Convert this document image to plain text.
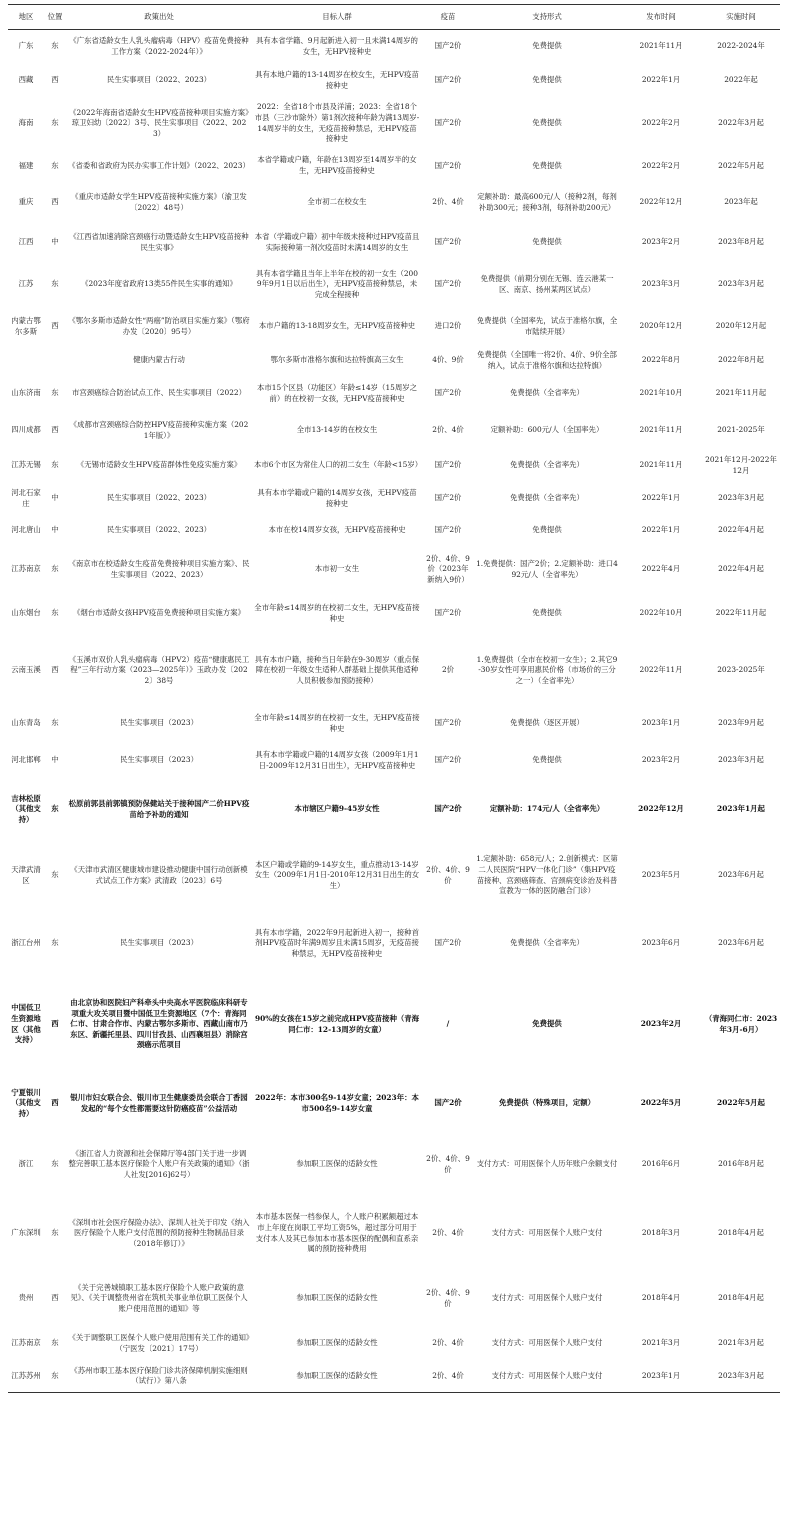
地区	位置	政策出处	目标人群	疫苗	支持形式	发布时间	实施时间
广东	东	《广东省适龄女生人乳头瘤病毒（HPV）疫苗免费接种工作方案（2022-2024年）》	具有本省学籍、9月起新进入初一且未满14周岁的女生，无HPV接种史	国产2价	免费提供	2021年11月	2022-2024年
西藏	西	民生实事项目（2022、2023）	具有本地户籍的13-14周岁在校女生，无HPV疫苗接种史	国产2价	免费提供	2022年1月	2022年起
海南	东	《2022年海南省适龄女生HPV疫苗接种项目实施方案》琼卫妇幼〔2022〕3号、民生实事项目（2022、2023）	2022：全省18个市县及洋浦；2023：全省18个市县（三沙市除外）第1剂次接种年龄为满13周岁-14周岁半的女生，无疫苗接种禁忌，无HPV疫苗接种史	国产2价	免费提供	2022年2月	2022年3月起
福建	东	《省委和省政府为民办实事工作计划》（2022、2023）	本省学籍或户籍，年龄在13周岁至14周岁半的女生，无HPV疫苗接种史	国产2价	免费提供	2022年2月	2022年5月起
重庆	西	《重庆市适龄女学生HPV疫苗接种实施方案》（渝卫发〔2022〕48号）	全市初二在校女生	2价、4价	定额补助：最高600元/人（接种2剂，每剂补助300元；接种3剂，每剂补助200元）	2022年12月	2023年起
江西	中	《江西省加速消除宫颈癌行动暨适龄女生HPV疫苗接种民生实事》	本省（学籍或户籍）初中年级未接种过HPV疫苗且实际接种第一剂次疫苗时未满14周岁的女生	国产2价	免费提供	2023年2月	2023年8月起
江苏	东	《2023年度省政府13类55件民生实事的通知》	具有本省学籍且当年上半年在校的初一女生（2009年9月1日以后出生），无HPV疫苗接种禁忌，未完成全程接种	国产2价	免费提供（前期分别在无锡、连云港某一区、南京、扬州某两区试点）	2023年3月	2023年3月起
内蒙古鄂尔多斯	西	《鄂尔多斯市适龄女性“两癌”防治项目实施方案》（鄂府办发〔2020〕95号）	本市户籍的13-18周岁女生，无HPV疫苗接种史	进口2价	免费提供（全国率先，试点于准格尔旗，全市陆续开展）	2020年12月	2020年12月起
		健康内蒙古行动	鄂尔多斯市准格尔旗和达拉特旗高三女生	4价、9价	免费提供（全国唯一将2价、4价、9价全部纳入，试点于准格尔旗和达拉特旗）	2022年8月	2022年8月起
山东济南	东	市宫颈癌综合防治试点工作、民生实事项目（2022）	本市15个区县（功能区）年龄≤14岁（15周岁之前）的在校初一女孩，无HPV疫苗接种史	国产2价	免费提供（全省率先）	2021年10月	2021年11月起
四川成都	西	《成都市宫颈癌综合防控HPV疫苗接种实施方案（2021年版）》	全市13-14岁的在校女生	2价、4价	定额补助：600元/人（全国率先）	2021年11月	2021-2025年
江苏无锡	东	《无锡市适龄女生HPV疫苗群体性免疫实施方案》	本市6个市区为常住人口的初二女生（年龄<15岁）	国产2价	免费提供（全省率先）	2021年11月	2021年12月-2022年12月
河北石家庄	中	民生实事项目（2022、2023）	具有本市学籍或户籍的14周岁女孩，无HPV疫苗接种史	国产2价	免费提供（全省率先）	2022年1月	2023年3月起
河北唐山	中	民生实事项目（2022、2023）	本市在校14周岁女孩，无HPV疫苗接种史	国产2价	免费提供	2022年1月	2022年4月起
江苏南京	东	《南京市在校适龄女生疫苗免费接种项目实施方案》、民生实事项目（2022、2023）	本市初一女生	2价、4价、9价（2023年新纳入9价）	1.免费提供：国产2价；2.定额补助：进口492元/人（全省率先）	2022年4月	2022年4月起
山东烟台	东	《烟台市适龄女孩HPV疫苗免费接种项目实施方案》	全市年龄≤14周岁的在校初二女生，无HPV疫苗接种史	国产2价	免费提供	2022年10月	2022年11月起
云南玉溪	西	《玉溪市双价人乳头瘤病毒（HPV2）疫苗“健康惠民工程”三年行动方案（2023—2025年）》玉政办发〔2022〕38号	具有本市户籍，接种当日年龄在9-30周岁（重点保障在校初一年级女生适种人群基础上提供其他适种人员积极参加预防接种）	2价	1.免费提供（全市在校初一女生）；2.其它9-30岁女性可享用惠民价格（市场价的三分之一）（全省率先）	2022年11月	2023-2025年
山东青岛	东	民生实事项目（2023）	全市年龄≤14周岁的在校初一女生，无HPV疫苗接种史	国产2价	免费提供（逐区开展）	2023年1月	2023年9月起
河北邯郸	中	民生实事项目（2023）	具有本市学籍或户籍的14周岁女孩（2009年1月1日-2009年12月31日出生），无HPV疫苗接种史	国产2价	免费提供	2023年2月	2023年3月起
吉林松原（其他支持）	东	松原前郭县前郭镇预防保健站关于接种国产二价HPV疫苗给予补助的通知	本市辖区户籍9-45岁女性	国产2价	定额补助：174元/人（全省率先）	2022年12月	2023年1月起
天津武清区	东	《天津市武清区健康城市建设推动健康中国行动创新模式试点工作方案》武清政〔2023〕6号	本区户籍或学籍的9-14岁女生，重点推动13-14岁女生（2009年1月1日-2010年12月31日出生的女生）	2价、4价、9价	1.定额补助：658元/人；2.创新模式：区第二人民医院“HPV一体化门诊”（集HPV疫苗接种、宫颈癌筛查、宫颈病变诊治及科普宣教为一体的医防融合门诊）	2023年5月	2023年6月起
浙江台州	东	民生实事项目（2023）	具有本市学籍，2022年9月起新进入初一，接种首剂HPV疫苗时年满9周岁且未满15周岁，无疫苗接种禁忌，无HPV疫苗接种史	国产2价	免费提供（全省率先）	2023年6月	2023年6月起
中国低卫生资源地区（其他支持）	西	由北京协和医院妇产科牵头中央高水平医院临床科研专项重大攻关项目暨中国低卫生资源地区（7个：青海同仁市、甘肃合作市、内蒙古鄂尔多斯市、西藏山南市乃东区、新疆托里县、四川甘孜县、山西襄垣县）消除宫颈癌示范项目	90%的女孩在15岁之前完成HPV疫苗接种（青海同仁市：12-13周岁的女童）	/	免费提供	2023年2月	（青海同仁市：2023年3月-6月）
宁夏银川（其他支持）	西	银川市妇女联合会、银川市卫生健康委员会联合丁香园发起的“每个女性都需要这针防癌疫苗”公益活动	2022年：本市300名9-14岁女童；2023年：本市500名9-14岁女童	国产2价	免费提供（特殊项目，定额）	2022年5月	2022年5月起
浙江	东	《浙江省人力资源和社会保障厅等4部门关于进一步调整完善职工基本医疗保险个人账户有关政策的通知》（浙人社发[2016]62号）	参加职工医保的适龄女性	2价、4价、9价	支付方式：可用医保个人历年账户余额支付	2016年6月	2016年8月起
广东深圳	东	《深圳市社会医疗保险办法》、深圳人社关于印发《纳入医疗保险个人账户支付范围的预防接种生物制品目录（2018年修订）》	本市基本医保一档参保人，个人账户积累额超过本市上年度在岗职工平均工资5%，超过部分可用于支付本人及其已参加本市基本医保的配偶和直系亲属的预防接种费用	2价、4价	支付方式：可用医保个人账户支付	2018年3月	2018年4月起
贵州	西	《关于完善城镇职工基本医疗保险个人账户政策的意见》、《关于调整贵州省在筑机关事业单位职工医保个人账户使用范围的通知》等	参加职工医保的适龄女性	2价、4价、9价	支付方式：可用医保个人账户支付	2018年4月	2018年4月起
江苏南京	东	《关于调整职工医保个人账户使用范围有关工作的通知》（宁医发〔2021〕17号）	参加职工医保的适龄女性	2价、4价	支付方式：可用医保个人账户支付	2021年3月	2021年3月起
江苏苏州	东	《苏州市职工基本医疗保险门诊共济保障机制实施细则（试行）》第八条	参加职工医保的适龄女性	2价、4价	支付方式：可用医保个人账户支付	2023年1月	2023年3月起
